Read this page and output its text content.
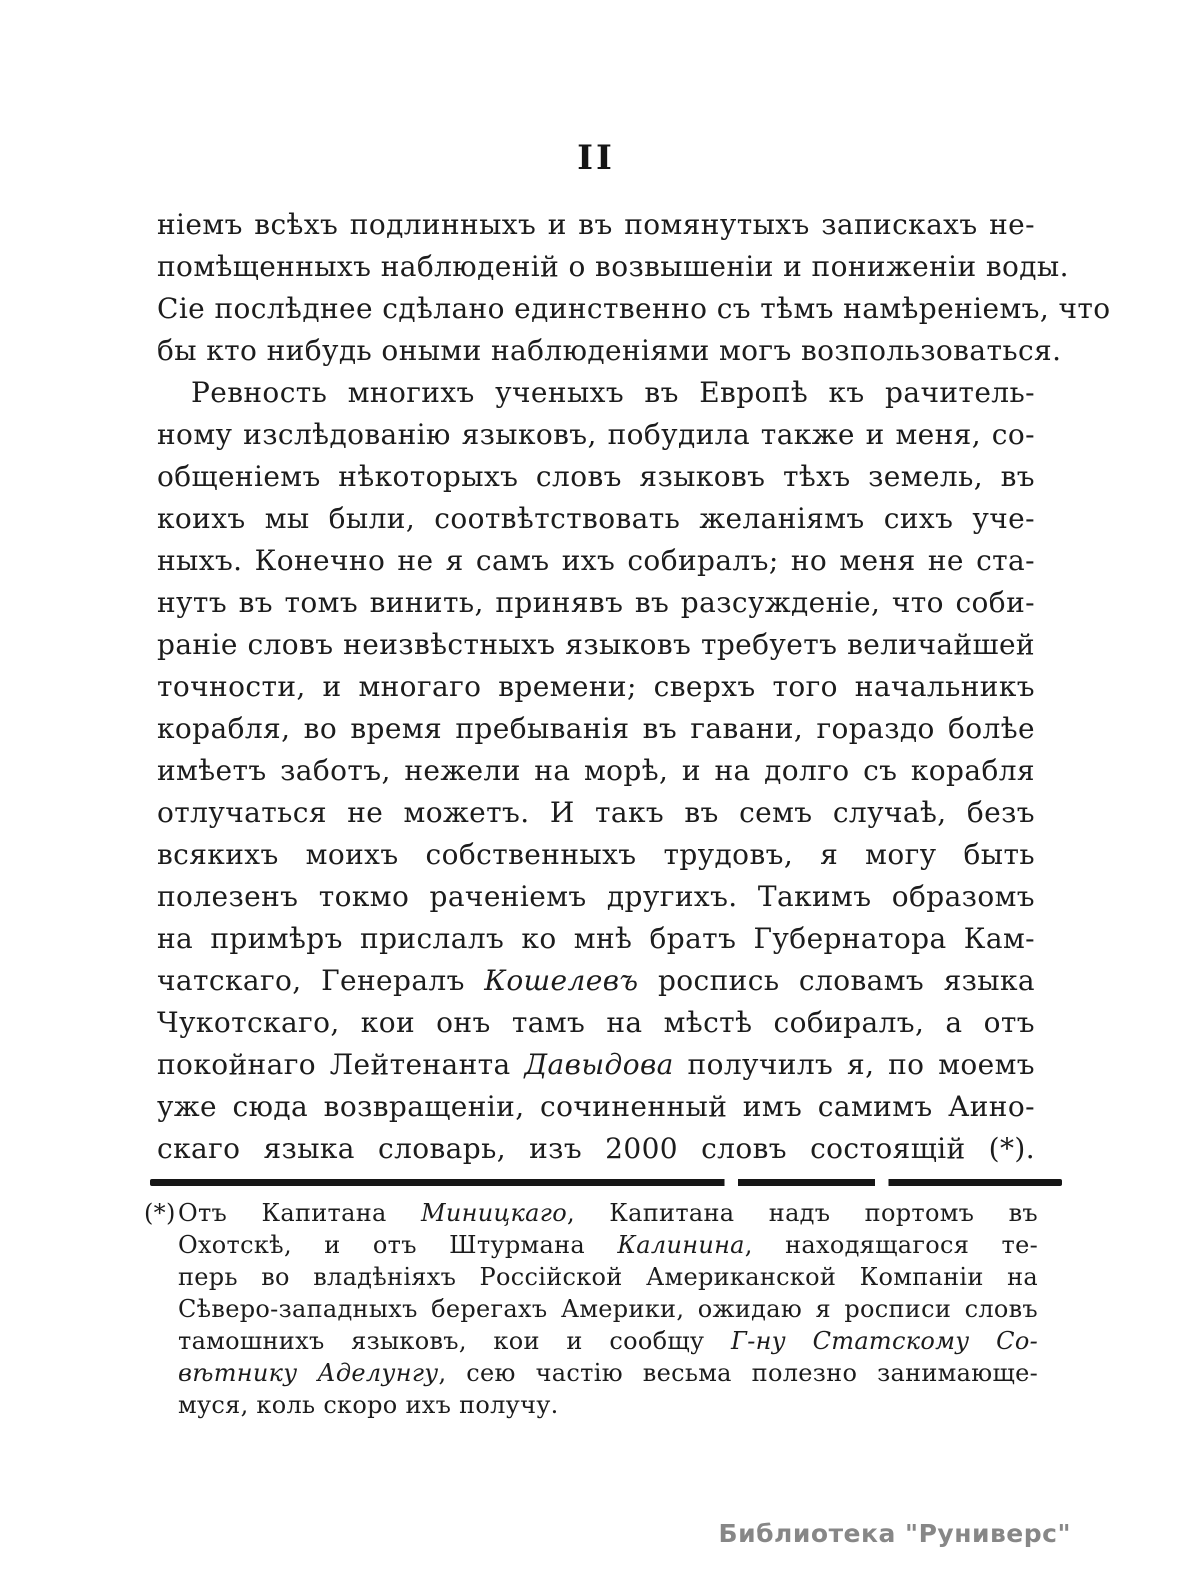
II
ніемъ всѣхъ подлинныхъ и въ помянутыхъ запискахъ не-
помѣщенныхъ наблюденій о возвышеніи и пониженіи воды.
Сіе послѣднее сдѣлано единственно съ тѣмъ намѣреніемъ, что
бы кто нибудь оными наблюденіями могъ возпользоваться.
Ревность многихъ ученыхъ въ Европѣ къ рачитель-
ному изслѣдованію языковъ, побудила также и меня, со-
общеніемъ нѣкоторыхъ словъ языковъ тѣхъ земель, въ
коихъ мы были, соотвѣтствовать желаніямъ сихъ уче-
ныхъ. Конечно не я самъ ихъ собиралъ; но меня не ста-
нутъ въ томъ винить, принявъ въ разсужденіе, что соби-
раніе словъ неизвѣстныхъ языковъ требуетъ величайшей
точности, и многаго времени; сверхъ того начальникъ
корабля, во время пребыванія въ гавани, гораздо болѣе
имѣетъ заботъ, нежели на морѣ, и на долго съ корабля
отлучаться не можетъ. И такъ въ семъ случаѣ, безъ
всякихъ моихъ собственныхъ трудовъ, я могу быть
полезенъ токмо раченіемъ другихъ. Такимъ образомъ
на примѣръ прислалъ ко мнѣ братъ Губернатора Кам-
чатскаго, Генералъ Кошелевъ роспись словамъ языка
Чукотскаго, кои онъ тамъ на мѣстѣ собиралъ, а отъ
покойнаго Лейтенанта Давыдова получилъ я, по моемъ
уже сюда возвращеніи, сочиненный имъ самимъ Аино-
скаго языка словарь, изъ 2000 словъ состоящій (*).
(*) Отъ Капитана Миницкаго, Капитана надъ портомъ въ
Охотскѣ, и отъ Штурмана Калинина, находящагося те-
перь во владѣніяхъ Россійской Американской Компаніи на
Сѣверо-западныхъ берегахъ Америки, ожидаю я росписи словъ
тамошнихъ языковъ, кои и сообщу Г-ну Статскому Со-
вѣтнику Аделунгу, сею частію весьма полезно занимающе-
муся, коль скоро ихъ получу.
Библиотека "Руниверс"
